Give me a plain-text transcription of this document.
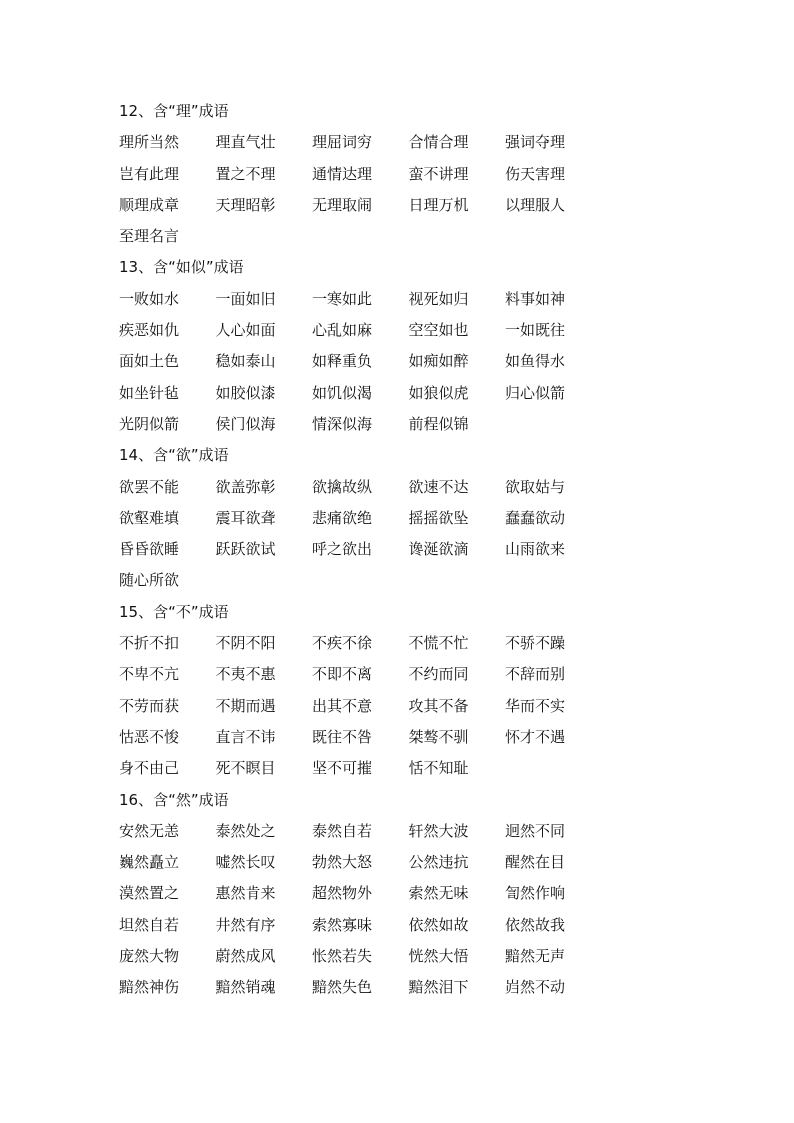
12、含“理”成语
理所当然	理直气壮	理屈词穷	合情合理	强词夺理
岂有此理	置之不理	通情达理	蛮不讲理	伤天害理
顺理成章	天理昭彰	无理取闹	日理万机	以理服人
至理名言
13、含“如似”成语
一败如水	一面如旧	一寒如此	视死如归	料事如神
疾恶如仇	人心如面	心乱如麻	空空如也	一如既往
面如土色	稳如泰山	如释重负	如痴如醉	如鱼得水
如坐针毡	如胶似漆	如饥似渴	如狼似虎	归心似箭
光阴似箭	侯门似海	情深似海	前程似锦
14、含“欲”成语
欲罢不能	欲盖弥彰	欲擒故纵	欲速不达	欲取姑与
欲壑难填	震耳欲聋	悲痛欲绝	摇摇欲坠	蠢蠢欲动
昏昏欲睡	跃跃欲试	呼之欲出	谗涎欲滴	山雨欲来
随心所欲
15、含“不”成语
不折不扣	不阴不阳	不疾不徐	不慌不忙	不骄不躁
不卑不亢	不夷不惠	不即不离	不约而同	不辞而别
不劳而获	不期而遇	出其不意	攻其不备	华而不实
怙恶不悛	直言不讳	既往不咎	桀骜不驯	怀才不遇
身不由己	死不瞑目	坚不可摧	恬不知耻
16、含“然”成语
安然无恙	泰然处之	泰然自若	轩然大波	迥然不同
巍然矗立	嘘然长叹	勃然大怒	公然违抗	醒然在目
漠然置之	惠然肯来	超然物外	索然无味	訇然作响
坦然自若	井然有序	索然寡味	依然如故	依然故我
庞然大物	蔚然成风	怅然若失	恍然大悟	黯然无声
黯然神伤	黯然销魂	黯然失色	黯然泪下	岿然不动
